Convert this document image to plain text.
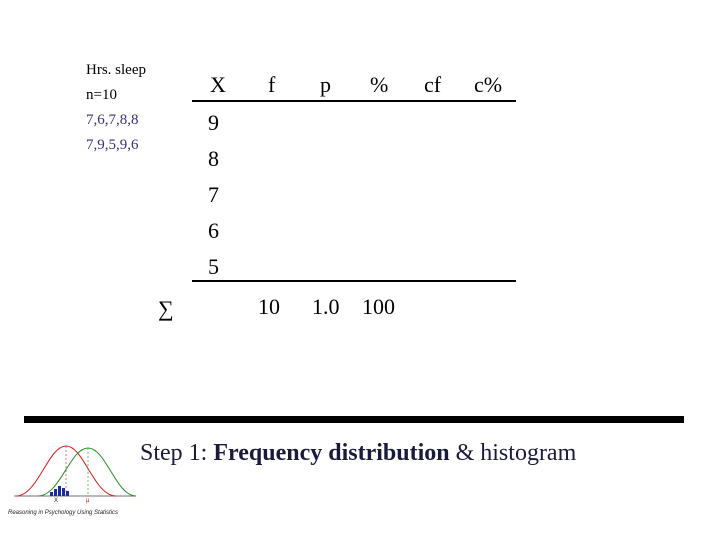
Hrs. sleep
n=10
7,6,7,8,8
7,9,5,9,6
X f p % cf c%
9
8
7
6
5
∑	10 1.0 100
X	μ
Reasoning in Psychology Using Statistics
Step 1: Frequency distribution & histogram
